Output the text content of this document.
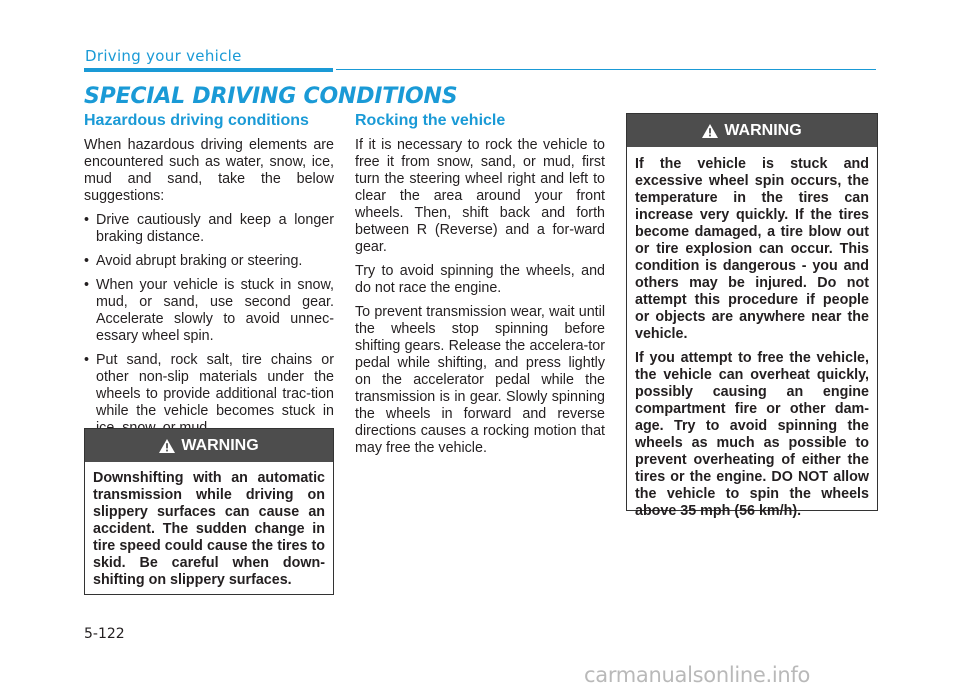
Driving your vehicle
SPECIAL DRIVING CONDITIONS
Hazardous driving conditions

When hazardous driving elements are encountered such as water, snow, ice, mud and sand, take the below suggestions:

• Drive cautiously and keep a longer braking distance.
• Avoid abrupt braking or steering.
• When your vehicle is stuck in snow, mud, or sand, use second gear. Accelerate slowly to avoid unnec-essary wheel spin.
• Put sand, rock salt, tire chains or other non-slip materials under the wheels to provide additional trac-tion while the vehicle becomes stuck in
WARNING

Downshifting with an automatic transmission while driving on slippery surfaces can cause an accident. The sudden change in tire speed could cause the tires to skid. Be careful when down-shifting on slippery surfaces.

Rocking the vehicle

If it is necessary to rock the vehicle to free it from snow, sand, or mud, first turn the steering wheel right and left to clear the area around your front wheels. Then, shift back and forth between R (Reverse) and a for-ward gear.

Try to avoid spinning the wheels, and do not race the engine.

To prevent transmission wear, wait until the wheels stop spinning before shifting gears. Release the accelera-tor pedal while shifting, and press lightly on the accelerator pedal while the transmission is in gear. Slowly spinning the wheels in forward and reverse directions causes a rocking motion that may free the vehicle.

WARNING

If the vehicle is stuck and excessive wheel spin occurs, the temperature in the tires can increase very quickly. If the tires become damaged, a tire blow out or tire explosion can occur. This condition is dangerous - you and others may be injured. Do not attempt this procedure if people or objects are anywhere near the vehicle.

If you attempt to free the vehicle, the vehicle can overheat quickly, possibly causing an engine compartment fire or other dam-age. Try to avoid spinning the wheels as much as possible to prevent overheating of either the tires or the engine. DO NOT allow the vehicle to spin the wheels above 35 mph (56 km/h).

5-122
carmanualsonline.info
